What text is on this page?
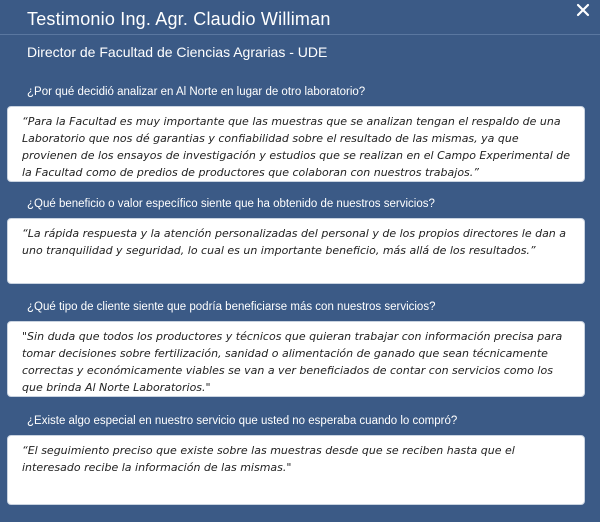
Testimonio Ing. Agr. Claudio Williman
Director de Facultad de Ciencias Agrarias - UDE
¿Por qué decidió analizar en Al Norte en lugar de otro laboratorio?
“Para la Facultad es muy importante que las muestras que se analizan tengan el respaldo de una Laboratorio que nos dé garantias y confiabilidad sobre el resultado de las mismas, ya que provienen de los ensayos de investigación y estudios que se realizan en el Campo Experimental de la Facultad como de predios de productores que colaboran con nuestros trabajos.”
¿Qué beneficio o valor específico siente que ha obtenido de nuestros servicios?
“La rápida respuesta y la atención personalizadas del personal y de los propios directores le dan a uno tranquilidad y seguridad, lo cual es un importante beneficio, más allá de los resultados.”
¿Qué tipo de cliente siente que podría beneficiarse más con nuestros servicios?
"Sin duda que todos los productores y técnicos que quieran trabajar con información precisa para tomar decisiones sobre fertilización, sanidad o alimentación de ganado que sean técnicamente correctas y económicamente viables se van a ver beneficiados de contar con servicios como los que brinda Al Norte Laboratorios."
¿Existe algo especial en nuestro servicio que usted no esperaba cuando lo compró?
“El seguimiento preciso que existe sobre las muestras desde que se reciben hasta que el interesado recibe la información de las mismas."
